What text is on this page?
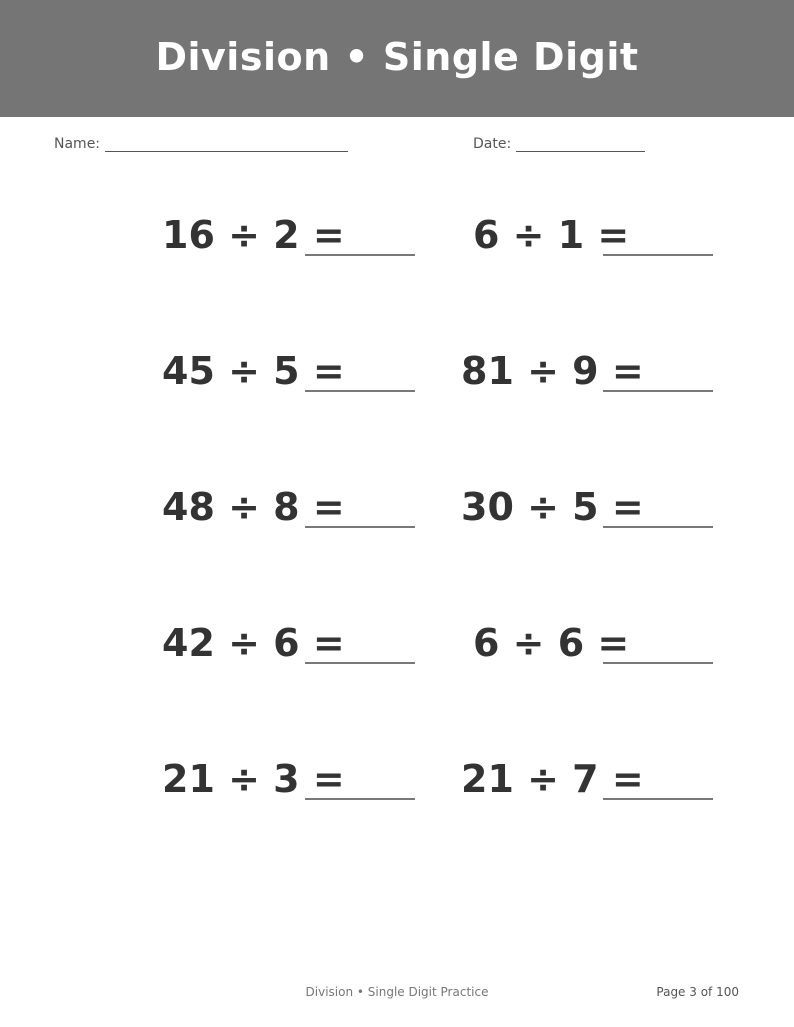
Division • Single Digit
Name:	Date:
16 ÷ 2 =	6 ÷ 1 =
45 ÷ 5 =	81 ÷ 9 =
48 ÷ 8 =	30 ÷ 5 =
42 ÷ 6 =	6 ÷ 6 =
21 ÷ 3 =	21 ÷ 7 =
Division • Single Digit Practice	Page 3 of 100
